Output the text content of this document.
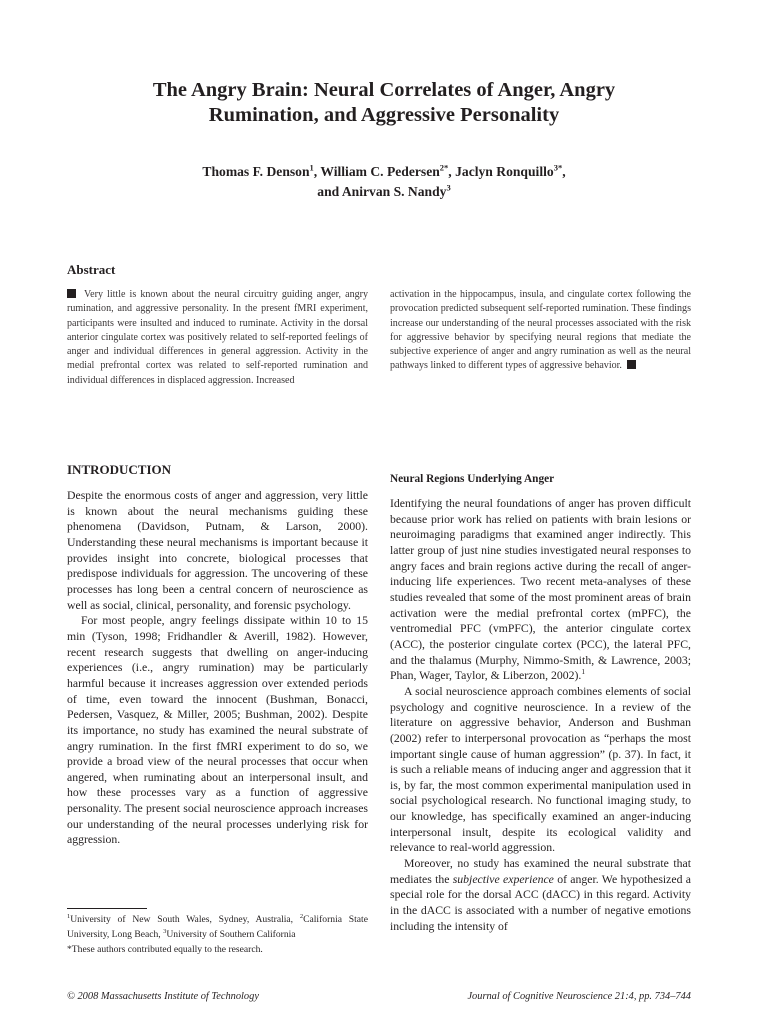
The Angry Brain: Neural Correlates of Anger, Angry
Rumination, and Aggressive Personality

Thomas F. Denson$^1$, William C. Pedersen$^{2*}$, Jaclyn Ronquillo$^{3*}$,
and Anirvan S. Nandy$^3$

Abstract

Very little is known about the neural circuitry guiding anger, angry rumination, and aggressive personality. In the present fMRI experiment, participants were insulted and induced to ruminate. Activity in the dorsal anterior cingulate cortex was positively related to self-reported feelings of anger and individual differences in general aggression. Activity in the medial prefrontal cortex was related to self-reported rumination and individual differences in displaced aggression. Increased

activation in the hippocampus, insula, and cingulate cortex following the provocation predicted subsequent self-reported rumination. These findings increase our understanding of the neural processes associated with the risk for aggressive behavior by specifying neural regions that mediate the subjective experience of anger and angry rumination as well as the neural pathways linked to different types of aggressive behavior.

INTRODUCTION

Despite the enormous costs of anger and aggression, very little is known about the neural mechanisms guiding these phenomena (Davidson, Putnam, & Larson, 2000). Understanding these neural mechanisms is important because it provides insight into concrete, biological processes that predispose individuals for aggression. The uncovering of these processes has long been a central concern of neuroscience as well as social, clinical, personality, and forensic psychology.

For most people, angry feelings dissipate within 10 to 15 min (Tyson, 1998; Fridhandler & Averill, 1982). However, recent research suggests that dwelling on anger-inducing experiences (i.e., angry rumination) may be particularly harmful because it increases aggression over extended periods of time, even toward the innocent (Bushman, Bonacci, Pedersen, Vasquez, & Miller, 2005; Bushman, 2002). Despite its importance, no study has examined the neural substrate of angry rumination. In the first fMRI experiment to do so, we provide a broad view of the neural processes that occur when angered, when ruminating about an interpersonal insult, and how these processes vary as a function of aggressive personality. The present social neuroscience approach increases our understanding of the neural processes underlying risk for aggression.

Neural Regions Underlying Anger

Identifying the neural foundations of anger has proven difficult because prior work has relied on patients with brain lesions or neuroimaging paradigms that examined anger indirectly. This latter group of just nine studies investigated neural responses to angry faces and brain regions active during the recall of anger-inducing life experiences. Two recent meta-analyses of these studies revealed that some of the most prominent areas of brain activation were the medial prefrontal cortex (mPFC), the ventromedial PFC (vmPFC), the anterior cingulate cortex (ACC), the posterior cingulate cortex (PCC), the lateral PFC, and the thalamus (Murphy, Nimmo-Smith, & Lawrence, 2003; Phan, Wager, Taylor, & Liberzon, 2002).$^1$

A social neuroscience approach combines elements of social psychology and cognitive neuroscience. In a review of the literature on aggressive behavior, Anderson and Bushman (2002) refer to interpersonal provocation as “perhaps the most important single cause of human aggression” (p. 37). In fact, it is such a reliable means of inducing anger and aggression that it is, by far, the most common experimental manipulation used in social psychological research. No functional imaging study, to our knowledge, has specifically examined an anger-inducing interpersonal insult, despite its ecological validity and relevance to real-world aggression.

Moreover, no study has examined the neural substrate that mediates the subjective experience of anger. We hypothesized a special role for the dorsal ACC (dACC) in this regard. Activity in the dACC is associated with a number of negative emotions including the intensity of

$^1$University of New South Wales, Sydney, Australia, $^2$California State University, Long Beach, $^3$University of Southern California
*These authors contributed equally to the research.

© 2008 Massachusetts Institute of Technology	Journal of Cognitive Neuroscience 21:4, pp. 734–744
